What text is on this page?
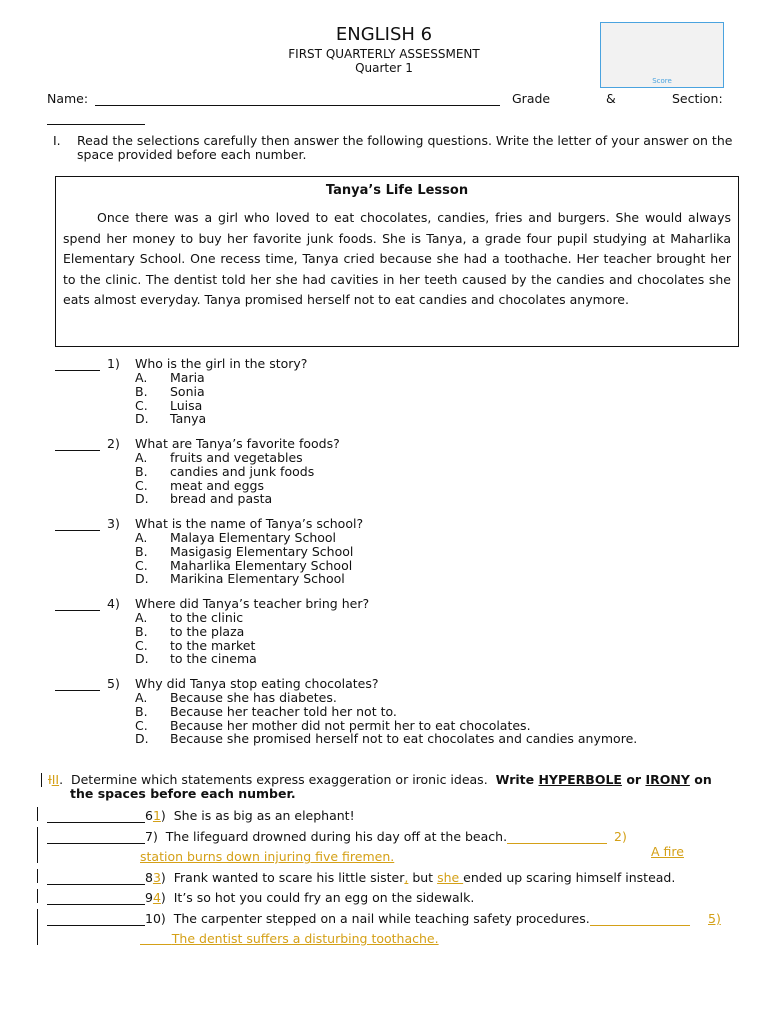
ENGLISH 6
FIRST QUARTERLY ASSESSMENT
Quarter 1
Score
Name:	Grade	&	Section:
I. Read the selections carefully then answer the following questions. Write the letter of your answer on the
space provided before each number.
Tanya’s Life Lesson

Once there was a girl who loved to eat chocolates, candies, fries and burgers. She would always spend her money to buy her favorite junk foods. She is Tanya, a grade four pupil studying at Maharlika Elementary School. One recess time, Tanya cried because she had a toothache. Her teacher brought her to the clinic. The dentist told her she had cavities in her teeth caused by the candies and chocolates she eats almost everyday. Tanya promised herself not to eat candies and chocolates anymore.

1) Who is the girl in the story?
A. Maria
B. Sonia
C. Luisa
D. Tanya
2) What are Tanya’s favorite foods?
A. fruits and vegetables
B. candies and junk foods
C. meat and eggs
D. bread and pasta
3) What is the name of Tanya’s school?
A. Malaya Elementary School
B. Masigasig Elementary School
C. Maharlika Elementary School
D. Marikina Elementary School
4) Where did Tanya’s teacher bring her?
A. to the clinic
B. to the plaza
C. to the market
D. to the cinema
5) Why did Tanya stop eating chocolates?
A. Because she has diabetes.
B. Because her teacher told her not to.
C. Because her mother did not permit her to eat chocolates.
D. Because she promised herself not to eat chocolates and candies anymore.
III.  Determine which statements express exaggeration or ironic ideas. Write HYPERBOLE or IRONY on
the spaces before each number.
61) She is as big as an elephant!
7) The lifeguard drowned during his day off at the beach.	2)
A fire
station burns down injuring five firemen.
83) Frank wanted to scare his little sister, but she ended up scaring himself instead.
94) It’s so hot you could fry an egg on the sidewalk.
10) The carpenter stepped on a nail while teaching safety procedures.	5)
The dentist suffers a disturbing toothache.
